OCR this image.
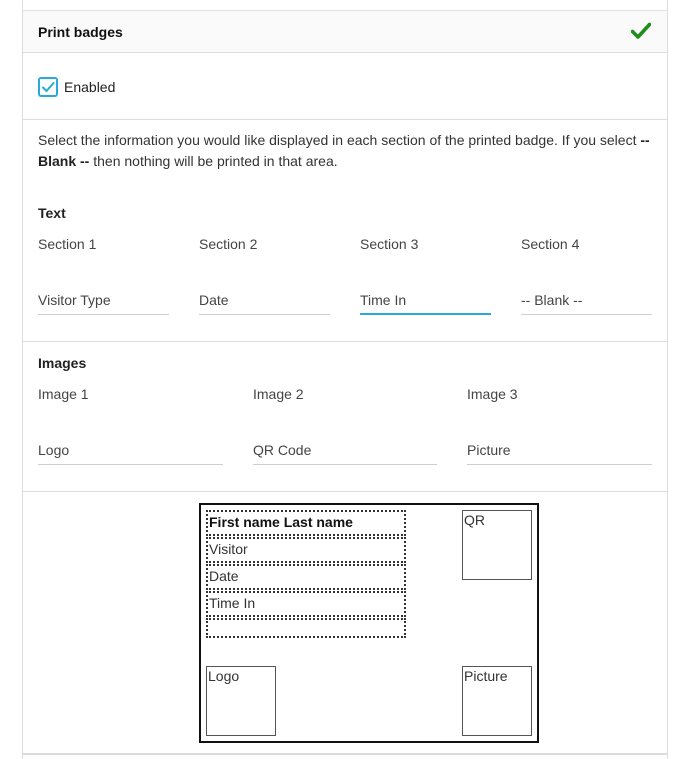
Print badges
Enabled

Select the information you would like displayed in each section of the printed badge. If you select -- Blank -- then nothing will be printed in that area.

Text
Section 1	Section 2	Section 3	Section 4
Visitor Type	Date	Time In	-- Blank --
Images
Image 1	Image 2	Image 3
Logo	QR Code	Picture
First name Last name
Visitor
Date
Time In
QR
Logo	Picture
